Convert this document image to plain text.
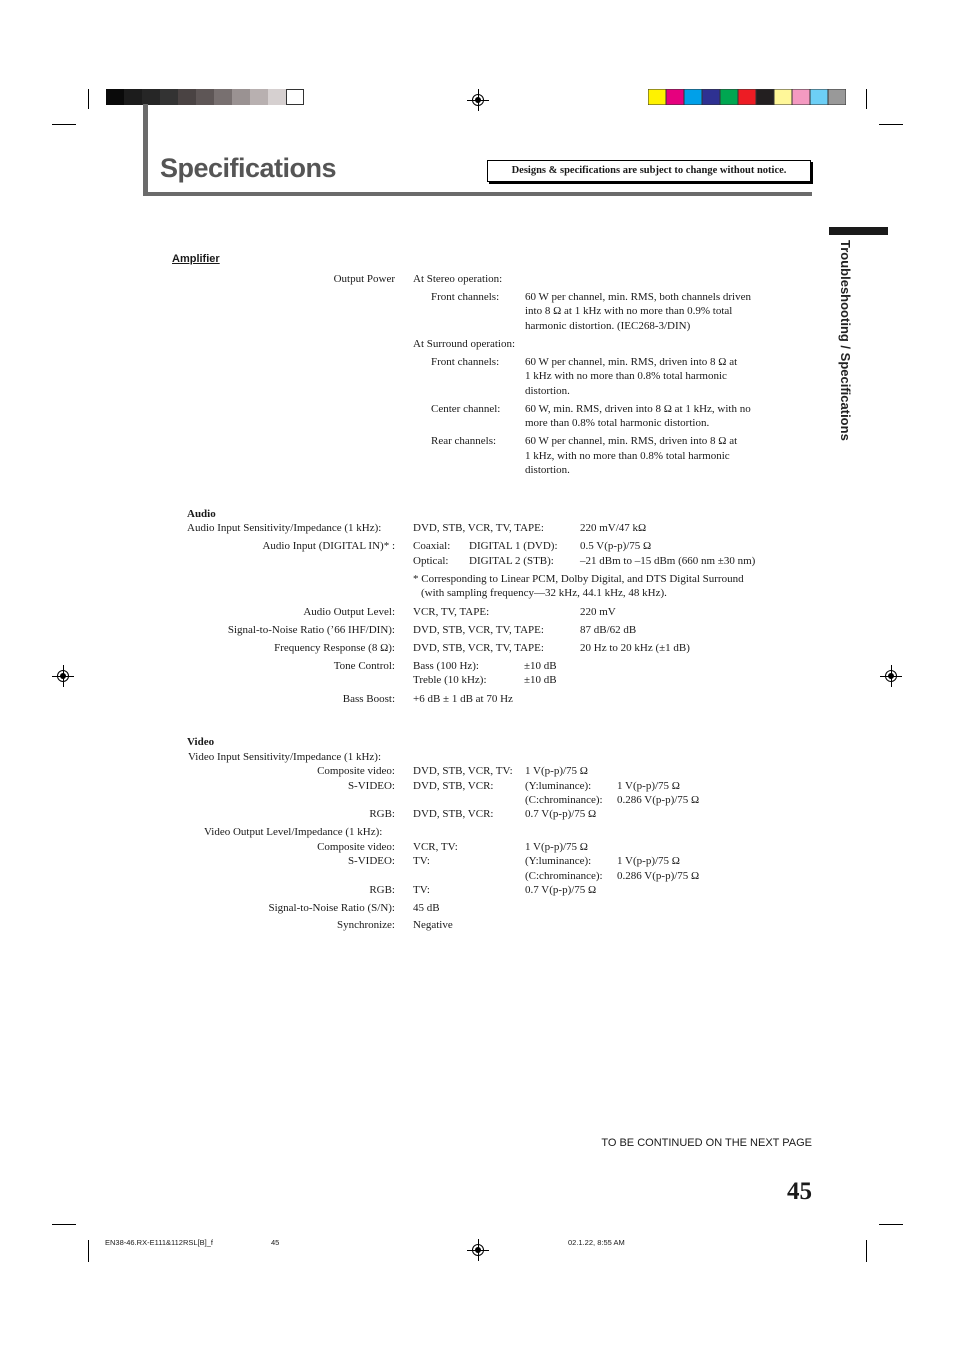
Specifications	Designs & specifications are subject to change without notice.
Troubleshooting / Specifications
Amplifier
Output Power At Stereo operation:
Front channels: 60 W per channel, min. RMS, both channels driven
into 8 Ω at 1 kHz with no more than 0.9% total
harmonic distortion. (IEC268-3/DIN)
At Surround operation:
Front channels: 60 W per channel, min. RMS, driven into 8 Ω at
1 kHz with no more than 0.8% total harmonic
distortion.
Center channel: 60 W, min. RMS, driven into 8 Ω at 1 kHz, with no
more than 0.8% total harmonic distortion.
Rear channels:	60 W per channel, min. RMS, driven into 8 Ω at
1 kHz, with no more than 0.8% total harmonic
distortion.
Audio
Audio Input Sensitivity/Impedance (1 kHz):	DVD, STB, VCR, TV, TAPE:	220 mV/47 kΩ
Audio Input (DIGITAL IN)* : Coaxial: DIGITAL 1 (DVD): 0.5 V(p-p)/75 Ω
Optical: DIGITAL 2 (STB): –21 dBm to –15 dBm (660 nm ±30 nm)
* Corresponding to Linear PCM, Dolby Digital, and DTS Digital Surround
(with sampling frequency—32 kHz, 44.1 kHz, 48 kHz).
Audio Output Level: VCR, TV, TAPE:	220 mV
Signal-to-Noise Ratio (’66 IHF/DIN): DVD, STB, VCR, TV, TAPE:	87 dB/62 dB
Frequency Response (8 Ω): DVD, STB, VCR, TV, TAPE:	20 Hz to 20 kHz (±1 dB)
Tone Control: Bass (100 Hz):	±10 dB
Treble (10 kHz):	±10 dB
Bass Boost: +6 dB ± 1 dB at 70 Hz
Video
Video Input Sensitivity/Impedance (1 kHz):
Composite video: DVD, STB, VCR, TV: 1 V(p-p)/75 Ω
S-VIDEO: DVD, STB, VCR:	(Y:luminance): 1 V(p-p)/75 Ω
(C:chrominance): 0.286 V(p-p)/75 Ω
RGB: DVD, STB, VCR:	0.7 V(p-p)/75 Ω
Video Output Level/Impedance (1 kHz):
Composite video: VCR, TV:	1 V(p-p)/75 Ω
S-VIDEO: TV:	(Y:luminance): 1 V(p-p)/75 Ω
(C:chrominance): 0.286 V(p-p)/75 Ω
RGB: TV:	0.7 V(p-p)/75 Ω
Signal-to-Noise Ratio (S/N): 45 dB
Synchronize: Negative
TO BE CONTINUED ON THE NEXT PAGE
45
EN38-46.RX-E111&112RSL[B]_f	45	02.1.22, 8:55 AM
